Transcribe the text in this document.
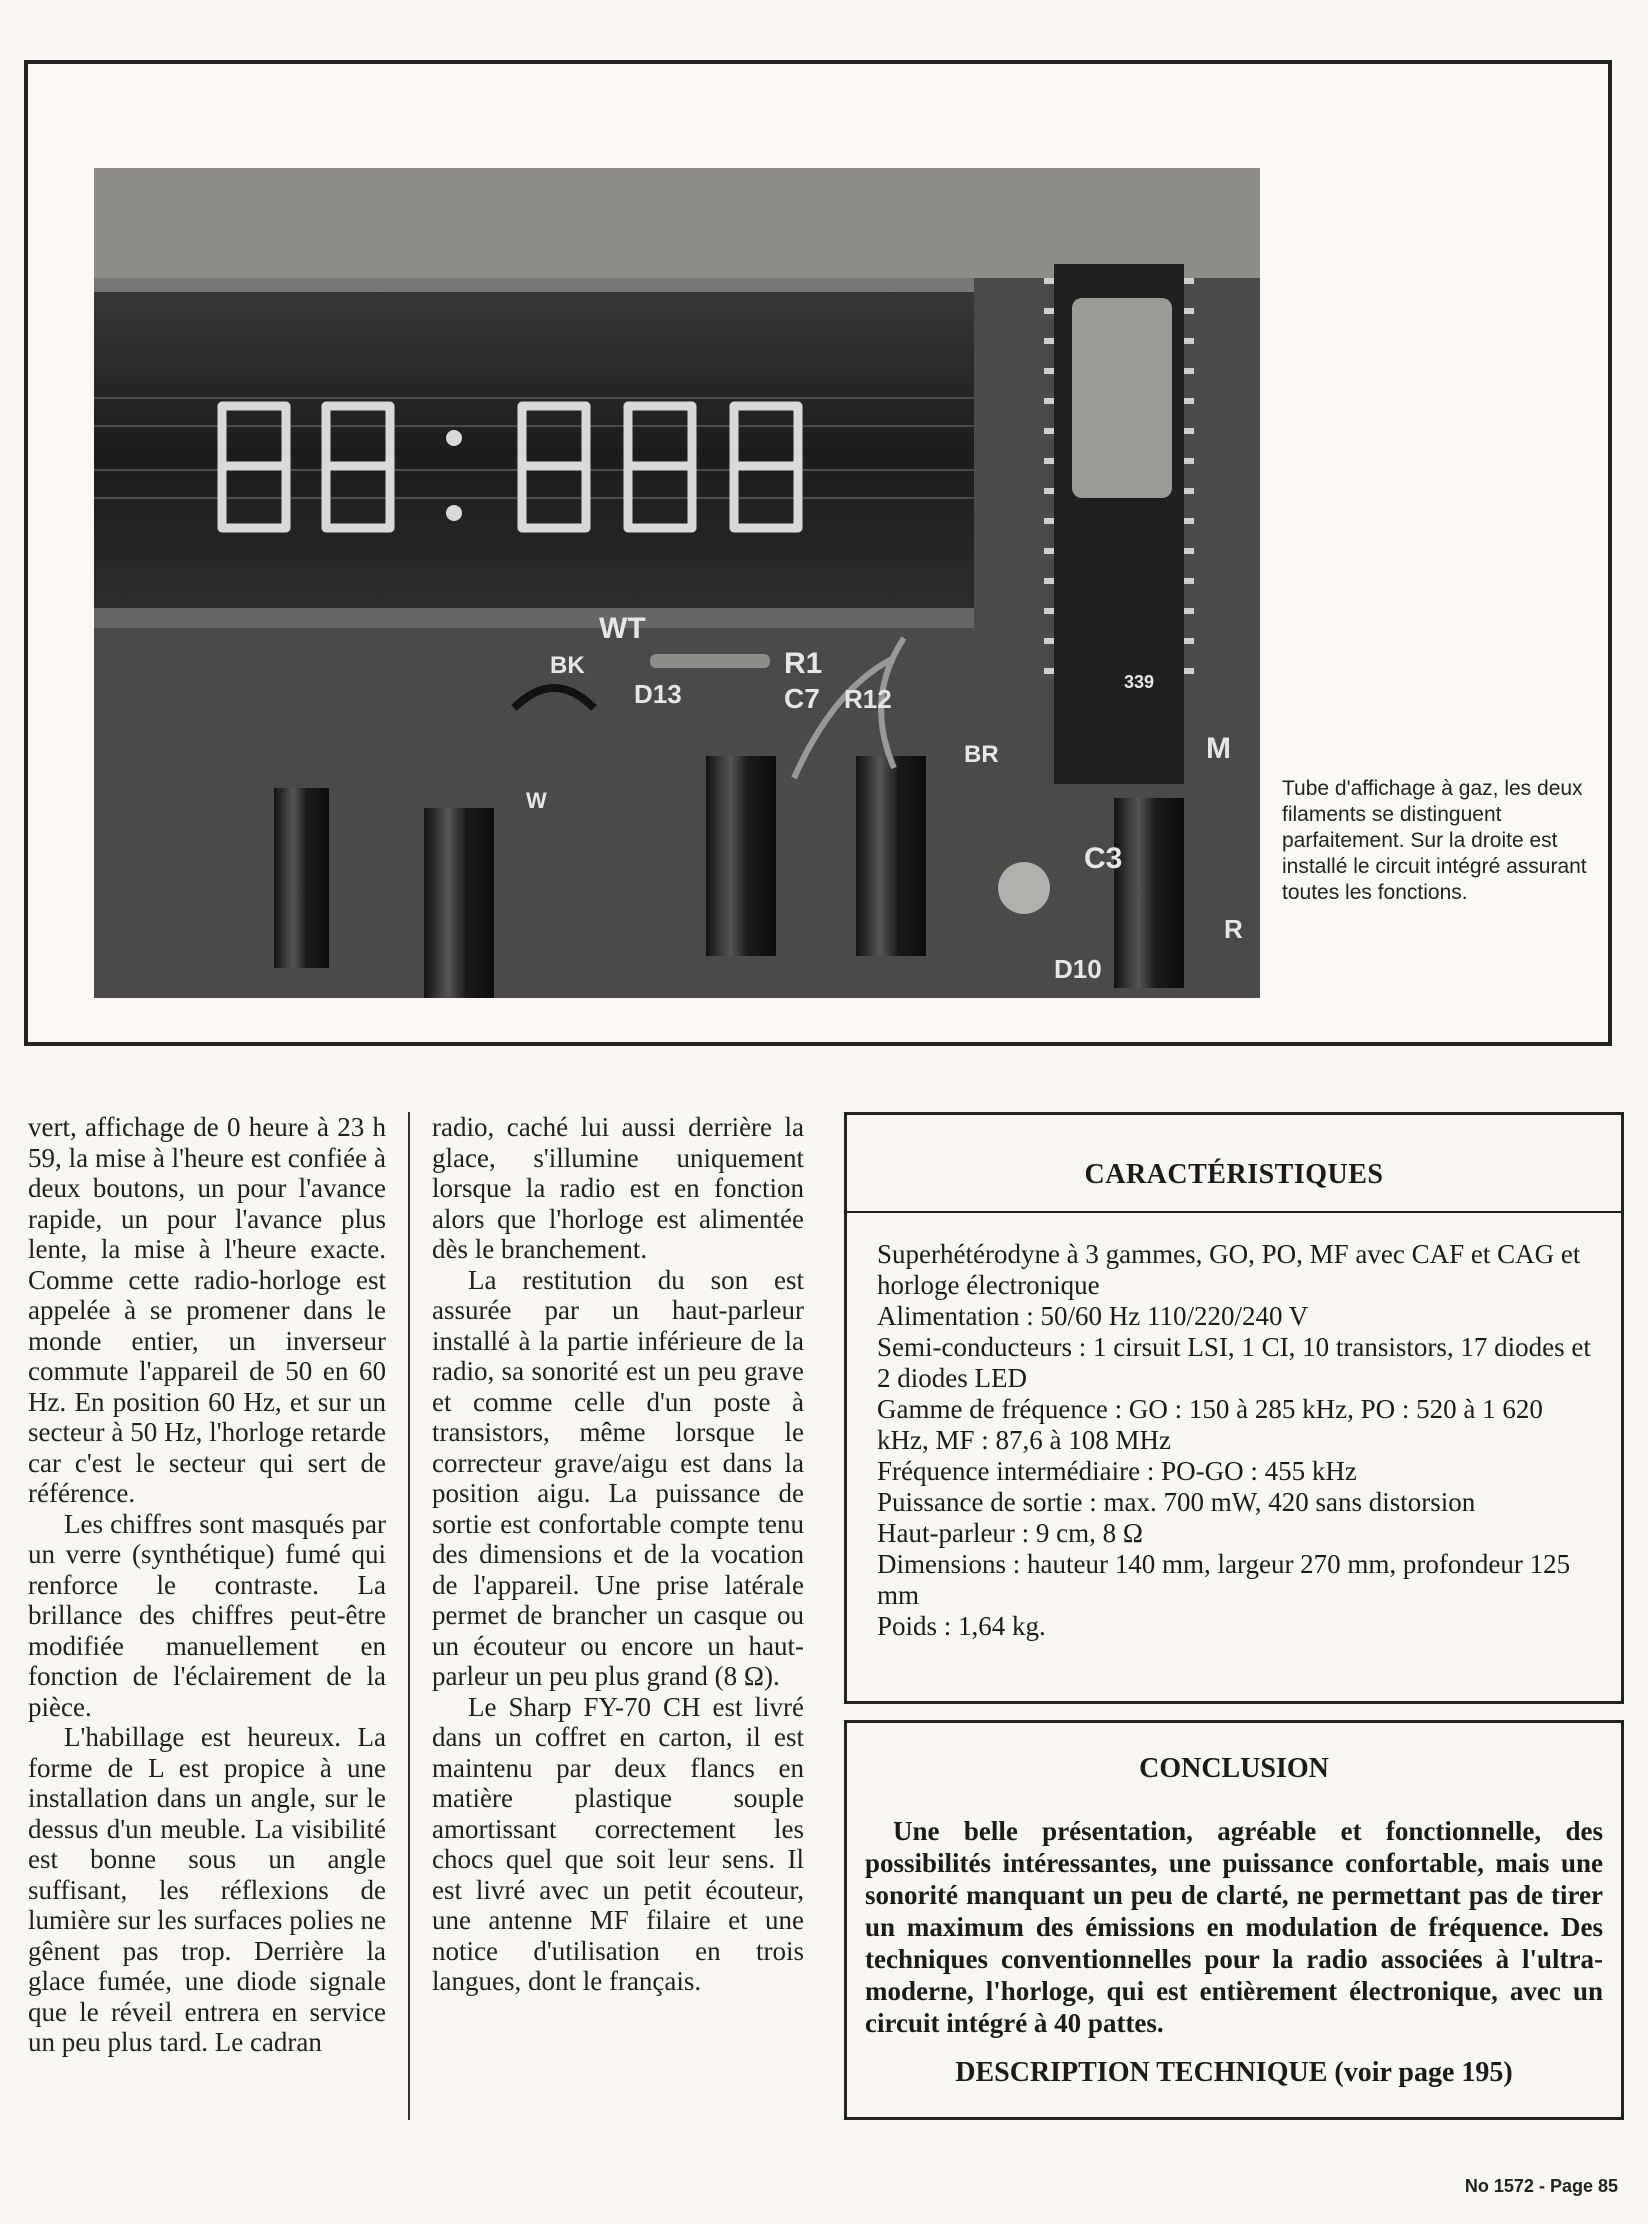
WT
BK
D13
R1
C7 R12
BR
C3
D10
M
R
W
339
Tube d'affichage à gaz, les deux filaments se distinguent parfaitement. Sur la droite est installé le circuit intégré assurant toutes les fonctions.

vert, affichage de 0 heure à 23 h 59, la mise à l'heure est confiée à deux boutons, un pour l'avance rapide, un pour l'avance plus lente, la mise à l'heure exacte. Comme cette radio-horloge est appelée à se promener dans le monde entier, un inverseur commute l'appareil de 50 en 60 Hz. En position 60 Hz, et sur un secteur à 50 Hz, l'horloge retarde car c'est le secteur qui sert de référence.

Les chiffres sont masqués par un verre (synthétique) fumé qui renforce le contraste. La brillance des chiffres peut-être modifiée manuellement en fonction de l'éclairement de la pièce.

L'habillage est heureux. La forme de L est propice à une installation dans un angle, sur le dessus d'un meuble. La visibilité est bonne sous un angle suffisant, les réflexions de lumière sur les surfaces polies ne gênent pas trop. Derrière la glace fumée, une diode signale que le réveil entrera en service un peu plus tard. Le cadran

radio, caché lui aussi derrière la glace, s'illumine uniquement lorsque la radio est en fonction alors que l'horloge est alimentée dès le branchement.

La restitution du son est assurée par un haut-parleur installé à la partie inférieure de la radio, sa sonorité est un peu grave et comme celle d'un poste à transistors, même lorsque le correcteur grave/aigu est dans la position aigu. La puissance de sortie est confortable compte tenu des dimensions et de la vocation de l'appareil. Une prise latérale permet de brancher un casque ou un écouteur ou encore un haut-parleur un peu plus grand (8 Ω).

Le Sharp FY-70 CH est livré dans un coffret en carton, il est maintenu par deux flancs en matière plastique souple amortissant correctement les chocs quel que soit leur sens. Il est livré avec un petit écouteur, une antenne MF filaire et une notice d'utilisation en trois langues, dont le français.

CARACTÉRISTIQUES
Superhétérodyne à 3 gammes, GO, PO, MF avec CAF et CAG et horloge électronique
Alimentation : 50/60 Hz 110/220/240 V
Semi-conducteurs : 1 cirsuit LSI, 1 CI, 10 transistors, 17 diodes et 2 diodes LED
Gamme de fréquence : GO : 150 à 285 kHz, PO : 520 à 1 620 kHz, MF : 87,6 à 108 MHz
Fréquence intermédiaire : PO-GO : 455 kHz
Puissance de sortie : max. 700 mW, 420 sans distorsion
Haut-parleur : 9 cm, 8 Ω
Dimensions : hauteur 140 mm, largeur 270 mm, profondeur 125 mm
Poids : 1,64 kg.
CONCLUSION

Une belle présentation, agréable et fonctionnelle, des possibilités intéressantes, une puissance confortable, mais une sonorité manquant un peu de clarté, ne permettant pas de tirer un maximum des émissions en modulation de fréquence. Des techniques conventionnelles pour la radio associées à l'ultra-moderne, l'horloge, qui est entièrement électronique, avec un circuit intégré à 40 pattes.

DESCRIPTION TECHNIQUE (voir page 195)
No 1572 - Page 85
